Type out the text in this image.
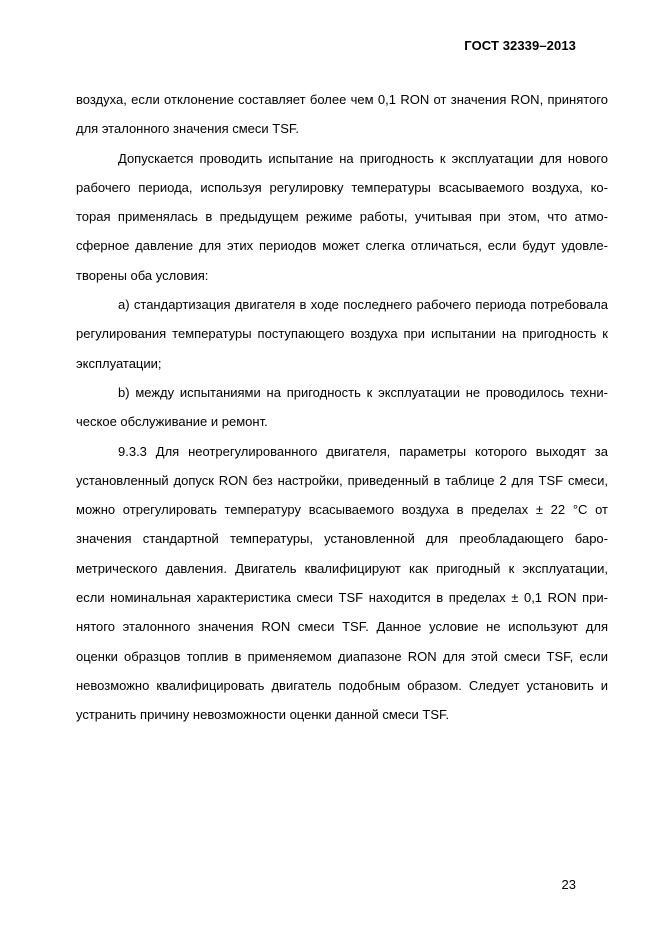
ГОСТ 32339–2013

воздуха, если отклонение составляет более чем 0,1 RON от значения RON, принятого для эталонного значения смеси TSF.

Допускается проводить испытание на пригодность к эксплуатации для нового рабочего периода, используя регулировку температуры всасываемого воздуха, которая применялась в предыдущем режиме работы, учитывая при этом, что атмосферное давление для этих периодов может слегка отличаться, если будут удовлетворены оба условия:

a) стандартизация двигателя в ходе последнего рабочего периода потребовала регулирования температуры поступающего воздуха при испытании на пригодность к эксплуатации;

b) между испытаниями на пригодность к эксплуатации не проводилось техническое обслуживание и ремонт.

9.3.3 Для неотрегулированного двигателя, параметры которого выходят за установленный допуск RON без настройки, приведенный в таблице 2 для TSF смеси, можно отрегулировать температуру всасываемого воздуха в пределах ± 22 °С от значения стандартной температуры, установленной для преобладающего барометрического давления. Двигатель квалифицируют как пригодный к эксплуатации, если номинальная характеристика смеси TSF находится в пределах ± 0,1 RON принятого эталонного значения RON смеси TSF. Данное условие не используют для оценки образцов топлив в применяемом диапазоне RON для этой смеси TSF, если невозможно квалифицировать двигатель подобным образом. Следует установить и устранить причину невозможности оценки данной смеси TSF.

23
